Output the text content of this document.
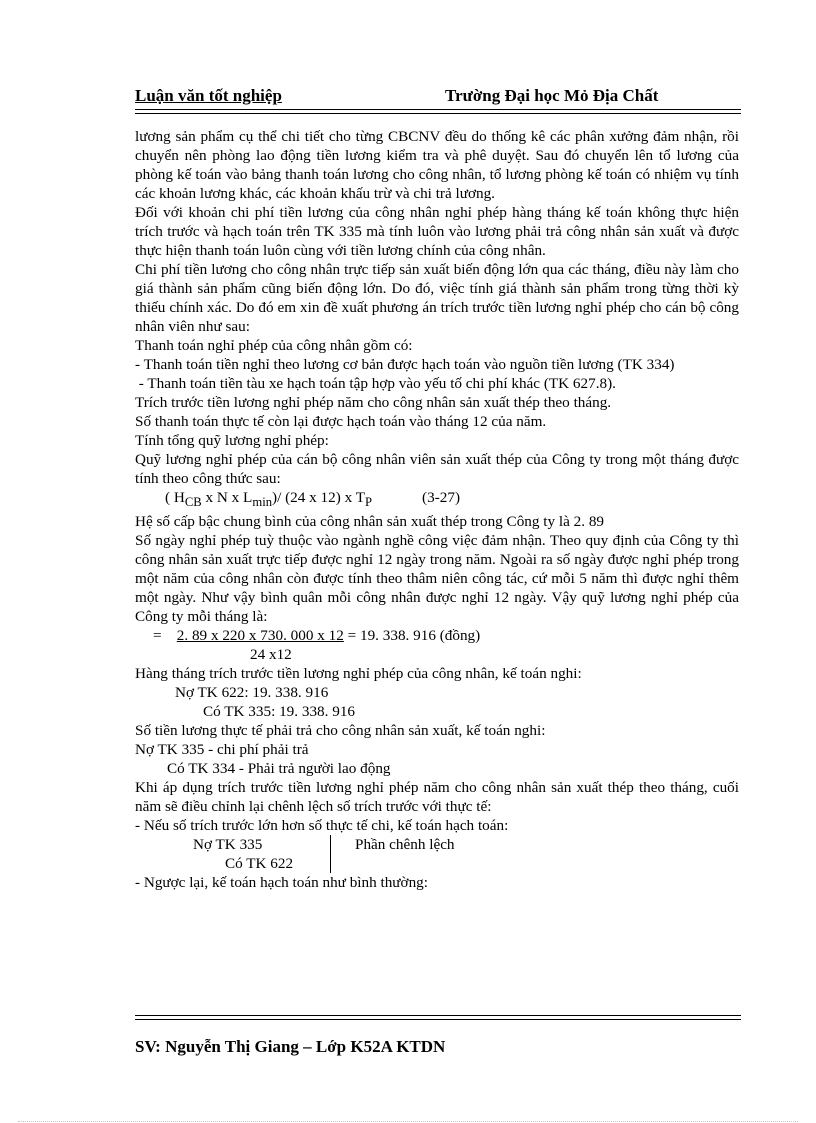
Luận văn tốt nghiệp	Trường Đại học Mỏ Địa Chất

lương sản phẩm cụ thể chi tiết cho từng CBCNV đều do thống kê các phân xưởng đảm nhận, rồi chuyển nên phòng lao động tiền lương kiểm tra và phê duyệt. Sau đó chuyển lên tổ lương của phòng kế toán vào bảng thanh toán lương cho công nhân, tổ lương phòng kế toán có nhiệm vụ tính các khoản lương khác, các khoản khấu trừ và chi trả lương.

Đối với khoản chi phí tiền lương của công nhân nghỉ phép hàng tháng kế toán không thực hiện trích trước và hạch toán trên TK 335 mà tính luôn vào lương phải trả công nhân sản xuất và được thực hiện thanh toán luôn cùng với tiền lương chính của công nhân.

Chi phí tiền lương cho công nhân trực tiếp sản xuất biến động lớn qua các tháng, điều này làm cho giá thành sản phẩm cũng biến động lớn. Do đó, việc tính giá thành sản phẩm trong từng thời kỳ thiếu chính xác. Do đó em xin đề xuất phương án trích trước tiền lương nghỉ phép cho cán bộ công nhân viên như sau:

Thanh toán nghỉ phép của công nhân gồm có:

- Thanh toán tiền nghỉ theo lương cơ bản được hạch toán vào nguồn tiền lương (TK 334)

- Thanh toán tiền tàu xe hạch toán tập hợp vào yếu tố chi phí khác (TK 627.8).

Trích trước tiền lương nghỉ phép năm cho công nhân sản xuất thép theo tháng.

Số thanh toán thực tế còn lại được hạch toán vào tháng 12 của năm.

Tính tổng quỹ lương nghỉ phép:

Quỹ lương nghỉ phép của cán bộ công nhân viên sản xuất thép của Công ty trong một tháng được tính theo công thức sau:

( $H_{CB}$ x N x $L_{min})/$ (24 x 12) x $T_P$	(3-27)

Hệ số cấp bậc chung bình của công nhân sản xuất thép trong Công ty là 2. 89

Số ngày nghỉ phép tuỳ thuộc vào ngành nghề công việc đảm nhận. Theo quy định của Công ty thì công nhân sản xuất trực tiếp được nghỉ 12 ngày trong năm. Ngoài ra số ngày được nghỉ phép trong một năm của công nhân còn được tính theo thâm niên công tác, cứ mỗi 5 năm thì được nghỉ thêm một ngày. Như vậy bình quân mỗi công nhân được nghỉ 12 ngày. Vậy quỹ lương nghỉ phép của Công ty mỗi tháng là:

= 2. 89 x 220 x 730. 000 x 12 = 19. 338. 916 (đồng)

24 x12

Hàng tháng trích trước tiền lương nghỉ phép của công nhân, kế toán nghi:

Nợ TK 622: 19. 338. 916

Có TK 335: 19. 338. 916

Số tiền lương thực tế phải trả cho công nhân sản xuất, kế toán nghi:

Nợ TK 335 - chi phí phải trả

Có TK 334 - Phải trả người lao động

Khi áp dụng trích trước tiền lương nghỉ phép năm cho công nhân sản xuất thép theo tháng, cuối năm sẽ điều chỉnh lại chênh lệch số trích trước với thực tế:

- Nếu số trích trước lớn hơn số thực tế chi, kế toán hạch toán:

Nợ TK 335	Phần chênh lệch
Có TK 622

- Ngược lại, kế toán hạch toán như bình thường:

SV: Nguyễn Thị Giang – Lớp K52A KTDN
